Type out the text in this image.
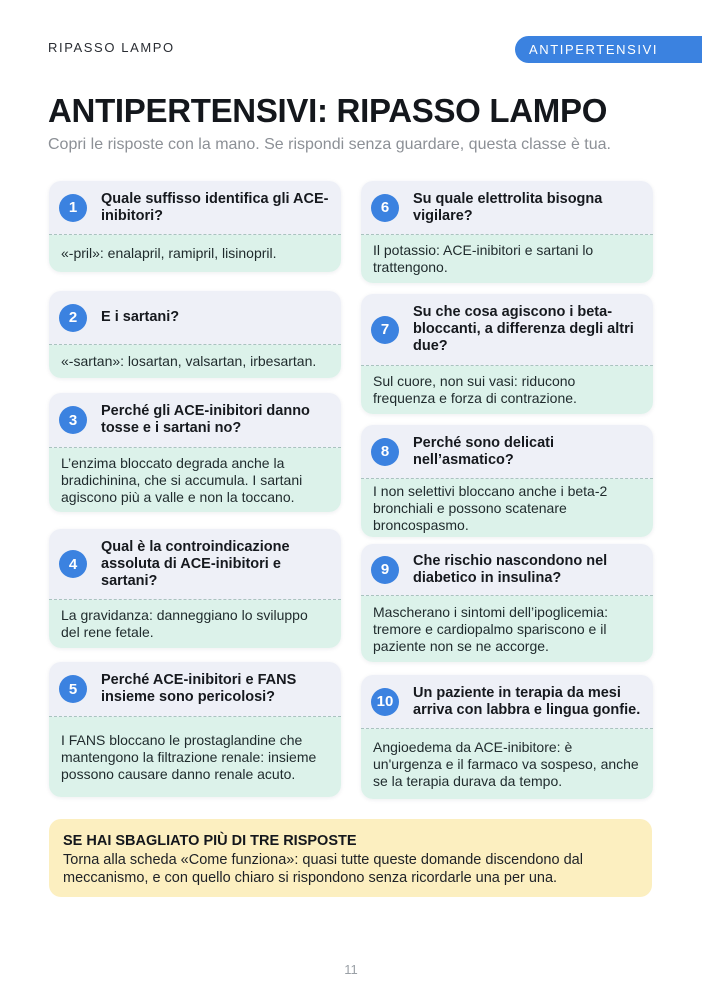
RIPASSO LAMPO	ANTIPERTENSIVI
ANTIPERTENSIVI: RIPASSO LAMPO

Copri le risposte con la mano. Se rispondi senza guardare, questa classe è tua.

1
Quale suffisso identifica gli ACE-inibitori?
«-pril»: enalapril, ramipril, lisinopril.
2	E i sartani?
«-sartan»: losartan, valsartan, irbesartan.
3
Perché gli ACE-inibitori danno tosse e i sartani no?
L’enzima bloccato degrada anche la bradichinina, che si accumula. I sartani agiscono più a valle e non la toccano.
4
Qual è la controindicazione assoluta di ACE-inibitori e sartani?
La gravidanza: danneggiano lo sviluppo del rene fetale.
5
Perché ACE-inibitori e FANS insieme sono pericolosi?
I FANS bloccano le prostaglandine che mantengono la filtrazione renale: insieme possono causare danno renale acuto.
6
Su quale elettrolita bisogna vigilare?
Il potassio: ACE-inibitori e sartani lo trattengono.
7
Su che cosa agiscono i beta-bloccanti, a differenza degli altri due?
Sul cuore, non sui vasi: riducono frequenza e forza di contrazione.
8
Perché sono delicati nell’asmatico?
I non selettivi bloccano anche i beta-2 bronchiali e possono scatenare broncospasmo.
9
Che rischio nascondono nel diabetico in insulina?
Mascherano i sintomi dell’ipoglicemia: tremore e cardiopalmo spariscono e il paziente non se ne accorge.
10
Un paziente in terapia da mesi arriva con labbra e lingua gonfie.
Angioedema da ACE-inibitore: è un'urgenza e il farmaco va sospeso, anche se la terapia durava da tempo.
SE HAI SBAGLIATO PIÙ DI TRE RISPOSTE
Torna alla scheda «Come funziona»: quasi tutte queste domande discendono dal meccanismo, e con quello chiaro si rispondono senza ricordarle una per una.
11
